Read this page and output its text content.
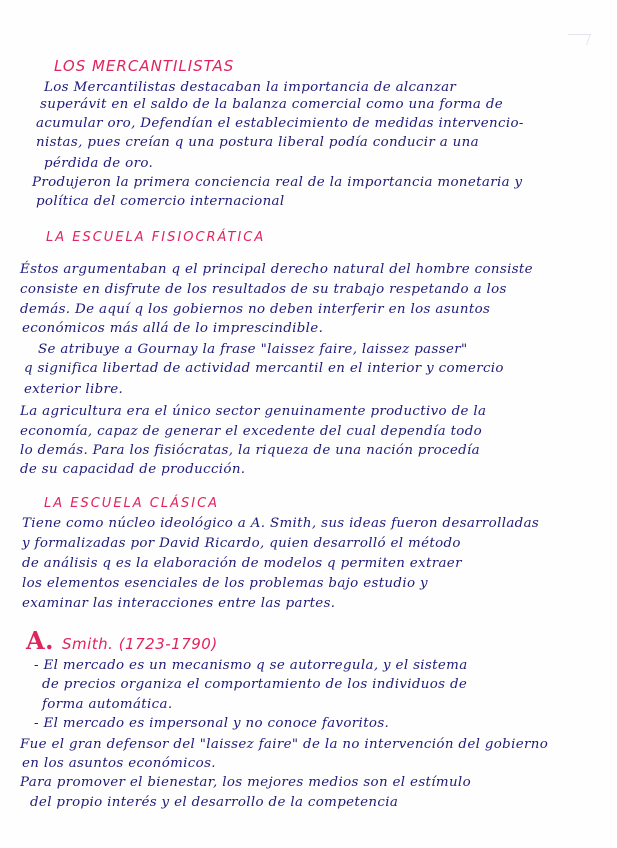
LOS MERCANTILISTAS
Los Mercantilistas destacaban la importancia de alcanzar
superávit en el saldo de la balanza comercial como una forma de
acumular oro, Defendían el establecimiento de medidas intervencio-
nistas, pues creían q una postura liberal podía conducir a una
pérdida de oro.
Produjeron la primera conciencia real de la importancia monetaria y
política del comercio internacional
LA ESCUELA FISIOCRÁTICA
Éstos argumentaban q el principal derecho natural del hombre consiste
consiste en disfrute de los resultados de su trabajo respetando a los
demás. De aquí q los gobiernos no deben interferir en los asuntos
económicos más allá de lo imprescindible.
Se atribuye a Gournay la frase "laissez faire, laissez passer"
q significa libertad de actividad mercantil en el interior y comercio
exterior libre.
La agricultura era el único sector genuinamente productivo de la
economía, capaz de generar el excedente del cual dependía todo
lo demás. Para los fisiócratas, la riqueza de una nación procedía
de su capacidad de producción.
LA ESCUELA CLÁSICA
Tiene como núcleo ideológico a A. Smith, sus ideas fueron desarrolladas
y formalizadas por David Ricardo, quien desarrolló el método
de análisis q es la elaboración de modelos q permiten extraer
los elementos esenciales de los problemas bajo estudio y
examinar las interacciones entre las partes.
A. Smith. (1723-1790)
- El mercado es un mecanismo q se autorregula, y el sistema
de precios organiza el comportamiento de los individuos de
forma automática.
- El mercado es impersonal y no conoce favoritos.
Fue el gran defensor del "laissez faire" de la no intervención del gobierno
en los asuntos económicos.
Para promover el bienestar, los mejores medios son el estímulo
del propio interés y el desarrollo de la competencia
